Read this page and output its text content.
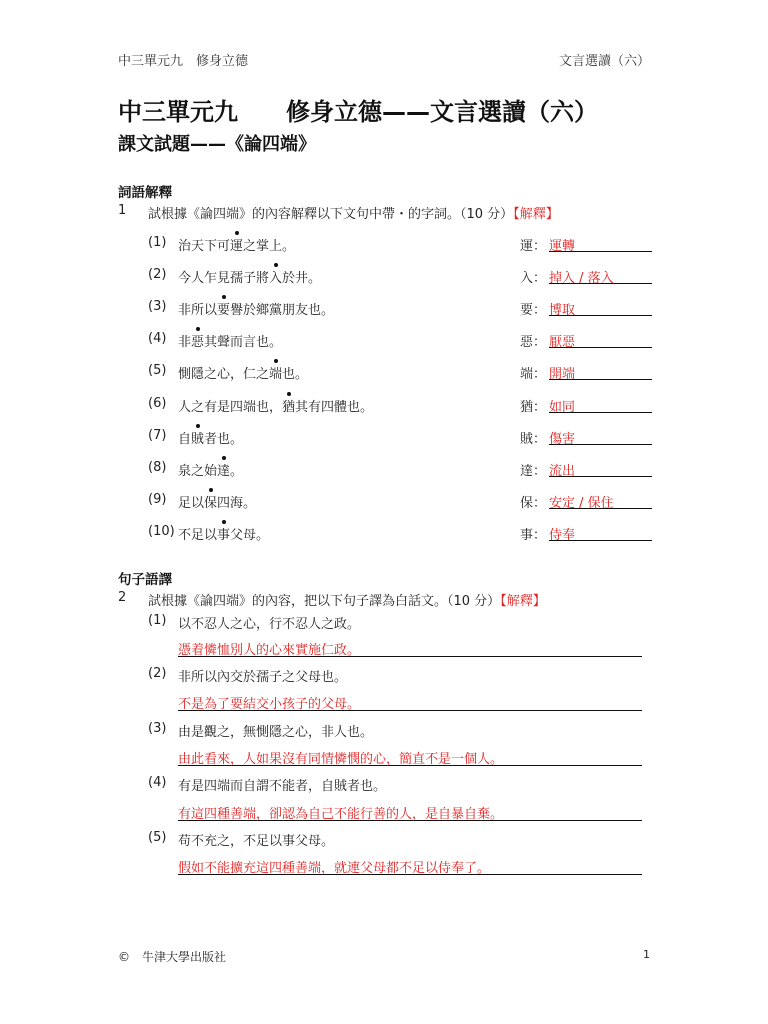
中三單元九　修身立德	文言選讀（六）
中三單元九　　修身立德——文言選讀（六）
課文試題——《論四端》
詞語解釋
1 試根據《論四端》的內容解釋以下文句中帶・的字詞。（10 分）【解釋】
(1) 治天下可運之掌上。	運： 運轉
(2) 今人乍見孺子將入於井。	入： 掉入 / 落入
(3) 非所以要譽於鄉黨朋友也。	要： 博取
(4) 非惡其聲而言也。	惡： 厭惡
(5) 惻隱之心，仁之端也。	端： 開端
(6) 人之有是四端也，猶其有四體也。	猶： 如同
(7) 自賊者也。	賊： 傷害
(8) 泉之始達。	達： 流出
(9) 足以保四海。	保： 安定 / 保住
(10) 不足以事父母。	事： 侍奉
句子語譯
2 試根據《論四端》的內容，把以下句子譯為白話文。（10 分）【解釋】
(1) 以不忍人之心，行不忍人之政。
憑着憐恤別人的心來實施仁政。
(2) 非所以內交於孺子之父母也。
不是為了要結交小孩子的父母。
(3) 由是觀之，無惻隱之心，非人也。
由此看來，人如果沒有同情憐憫的心，簡直不是一個人。
(4) 有是四端而自謂不能者，自賊者也。
有這四種善端，卻認為自己不能行善的人，是自暴自棄。
(5) 苟不充之，不足以事父母。
假如不能擴充這四種善端，就連父母都不足以侍奉了。
©　牛津大學出版社	1
